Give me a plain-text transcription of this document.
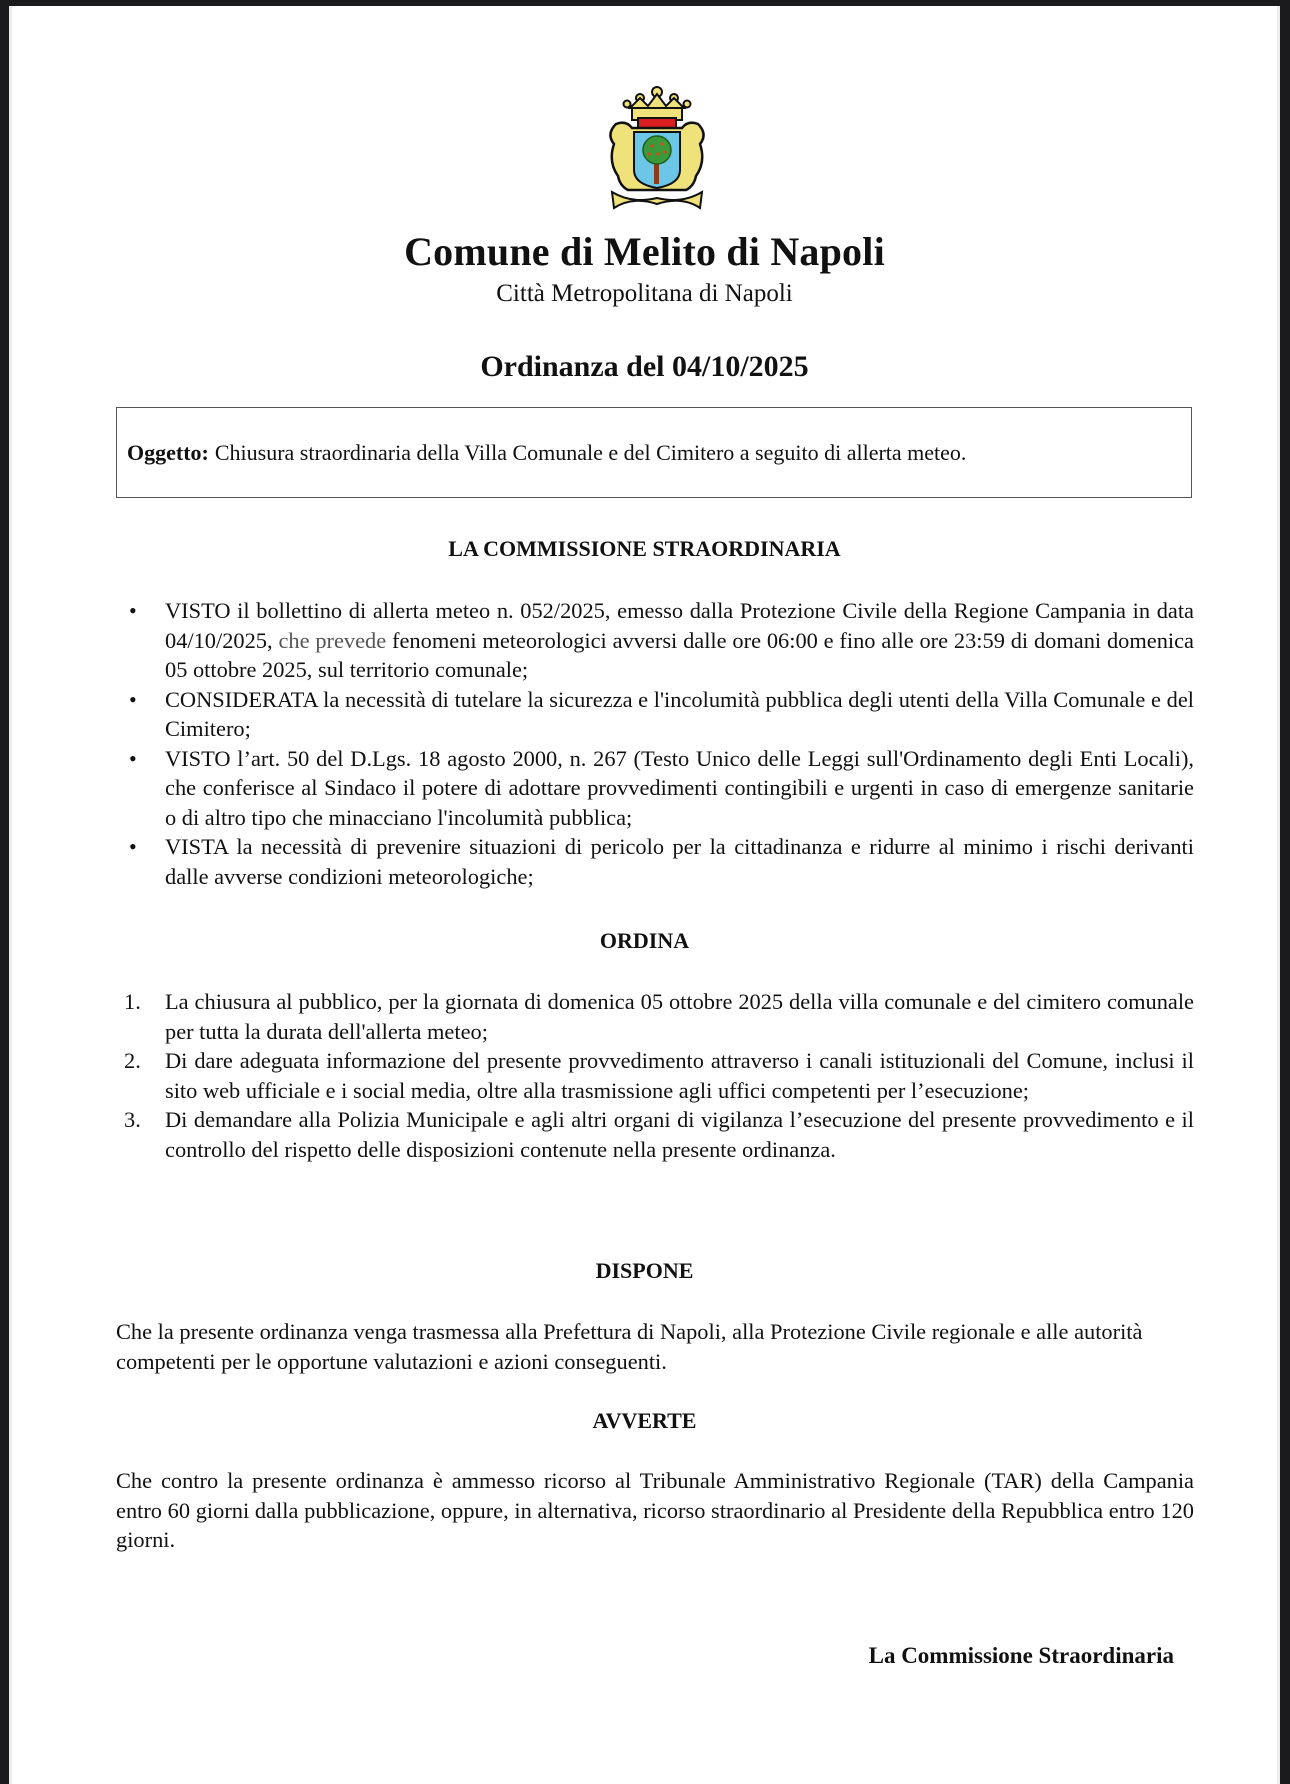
Comune di Melito di Napoli
Città Metropolitana di Napoli
Ordinanza del 04/10/2025
Oggetto: Chiusura straordinaria della Villa Comunale e del Cimitero a seguito di allerta meteo.
LA COMMISSIONE STRAORDINARIA
• VISTO il bollettino di allerta meteo n. 052/2025, emesso dalla Protezione Civile della Regione Campania in data 04/10/2025, che prevede fenomeni meteorologici avversi dalle ore 06:00 e fino alle ore 23:59 di domani domenica 05 ottobre 2025, sul territorio comunale;
• CONSIDERATA la necessità di tutelare la sicurezza e l'incolumità pubblica degli utenti della Villa Comunale e del Cimitero;
• VISTO l’art. 50 del D.Lgs. 18 agosto 2000, n. 267 (Testo Unico delle Leggi sull'Ordinamento degli Enti Locali), che conferisce al Sindaco il potere di adottare provvedimenti contingibili e urgenti in caso di emergenze sanitarie o di altro tipo che minacciano l'incolumità pubblica;
• VISTA la necessità di prevenire situazioni di pericolo per la cittadinanza e ridurre al minimo i rischi derivanti dalle avverse condizioni meteorologiche;
ORDINA
1. La chiusura al pubblico, per la giornata di domenica 05 ottobre 2025 della villa comunale e del cimitero comunale per tutta la durata dell'allerta meteo;
2. Di dare adeguata informazione del presente provvedimento attraverso i canali istituzionali del Comune, inclusi il sito web ufficiale e i social media, oltre alla trasmissione agli uffici competenti per l’esecuzione;
3. Di demandare alla Polizia Municipale e agli altri organi di vigilanza l’esecuzione del presente provvedimento e il controllo del rispetto delle disposizioni contenute nella presente ordinanza.
DISPONE
Che la presente ordinanza venga trasmessa alla Prefettura di Napoli, alla Protezione Civile regionale e alle autorità competenti per le opportune valutazioni e azioni conseguenti.
AVVERTE
Che contro la presente ordinanza è ammesso ricorso al Tribunale Amministrativo Regionale (TAR) della Campania entro 60 giorni dalla pubblicazione, oppure, in alternativa, ricorso straordinario al Presidente della Repubblica entro 120 giorni.
La Commissione Straordinaria
